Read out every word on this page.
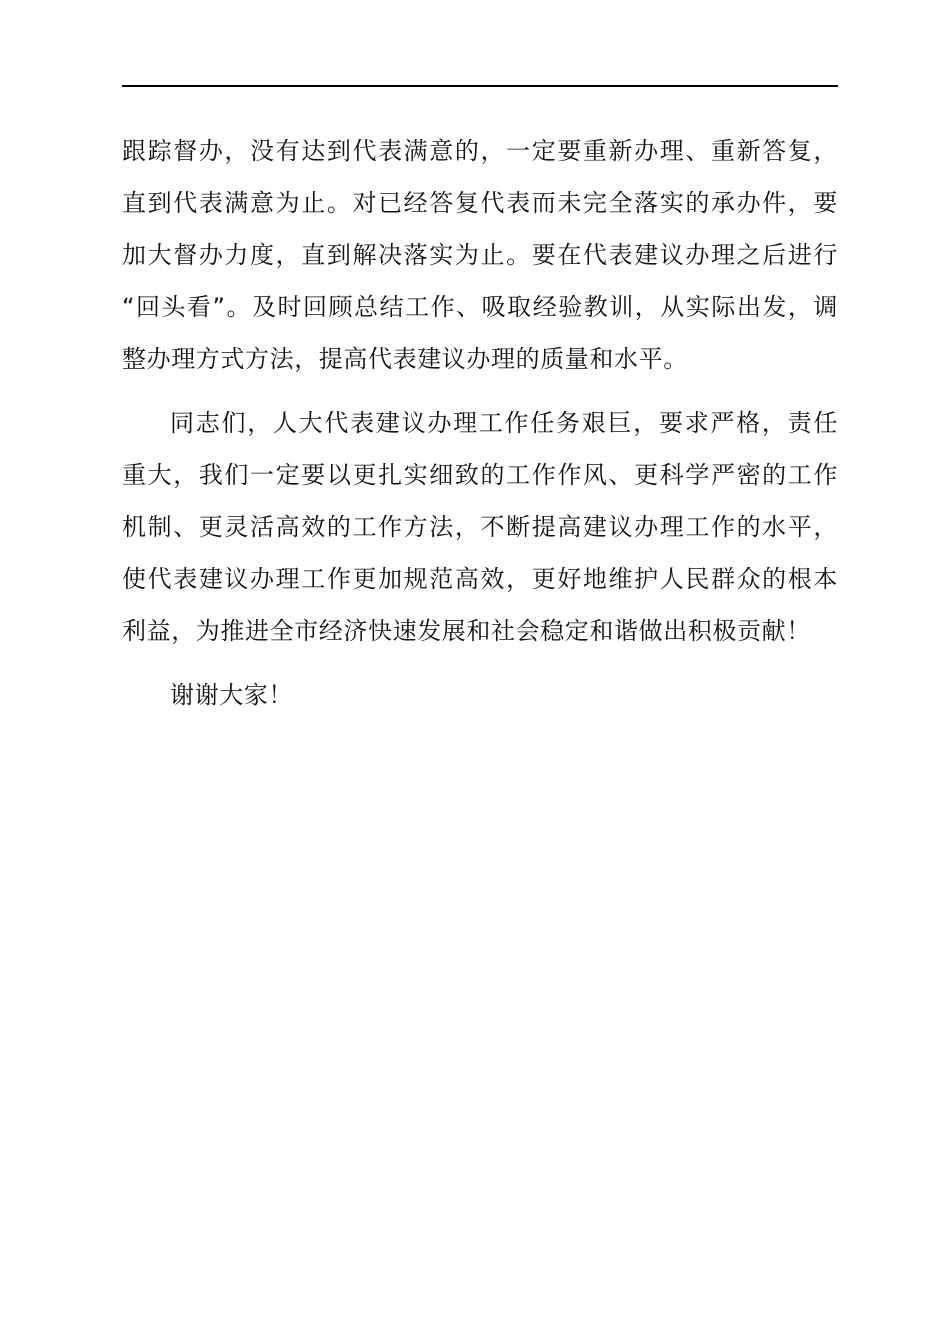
跟踪督办，没有达到代表满意的，一定要重新办理、重新答复，
直到代表满意为止。对已经答复代表而未完全落实的承办件，要
加大督办力度，直到解决落实为止。要在代表建议办理之后进行
“回头看”。及时回顾总结工作、吸取经验教训，从实际出发，调
整办理方式方法，提高代表建议办理的质量和水平。
同志们，人大代表建议办理工作任务艰巨，要求严格，责任
重大，我们一定要以更扎实细致的工作作风、更科学严密的工作
机制、更灵活高效的工作方法，不断提高建议办理工作的水平，
使代表建议办理工作更加规范高效，更好地维护人民群众的根本
利益，为推进全市经济快速发展和社会稳定和谐做出积极贡献！
谢谢大家！
